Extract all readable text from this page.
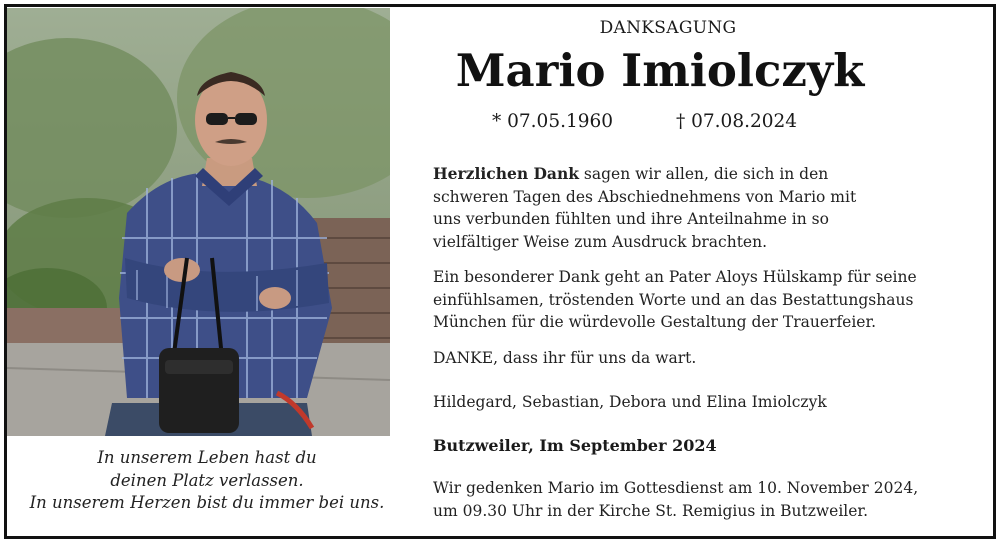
In unserem Leben hast du
deinen Platz verlassen.
In unserem Herzen bist du immer bei uns.
DANKSAGUNG
Mario Imiolczyk
* 07.05.1960	† 07.08.2024
Herzlichen Dank sagen wir allen, die sich in den
schweren Tagen des Abschiednehmens von Mario mit
uns verbunden fühlten und ihre Anteilnahme in so
vielfältiger Weise zum Ausdruck brachten.
Ein besonderer Dank geht an Pater Aloys Hülskamp für seine
einfühlsamen, tröstenden Worte und an das Bestattungshaus
München für die würdevolle Gestaltung der Trauerfeier.
DANKE, dass ihr für uns da wart.
Hildegard, Sebastian, Debora und Elina Imiolczyk
Butzweiler, Im September 2024
Wir gedenken Mario im Gottesdienst am 10. November 2024,
um 09.30 Uhr in der Kirche St. Remigius in Butzweiler.
